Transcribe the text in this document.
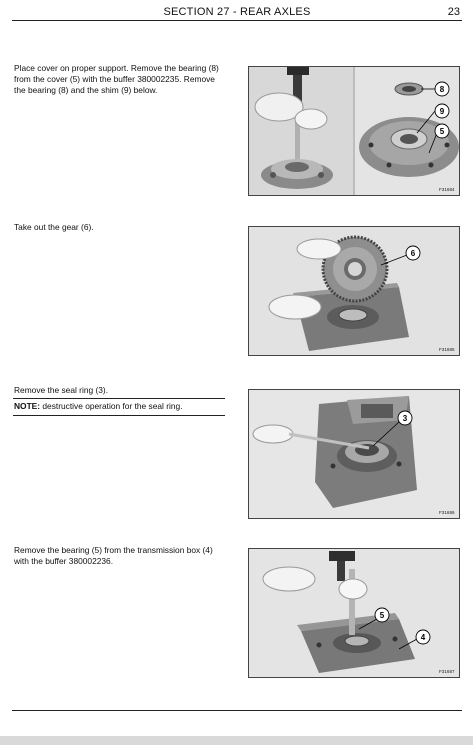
SECTION 27 - REAR AXLES	23
Place cover on proper support. Remove the bearing (8) from the cover (5) with the buffer 380002235. Remove the bearing (8) and the shim (9) below.	8
9
5
F31684
Take out the gear (6).
6
F31685
Remove the seal ring (3).
NOTE: destructive operation for the seal ring.
3
F31686
Remove the bearing (5) from the transmission box (4) with the buffer 380002236.
5
4
F31687
